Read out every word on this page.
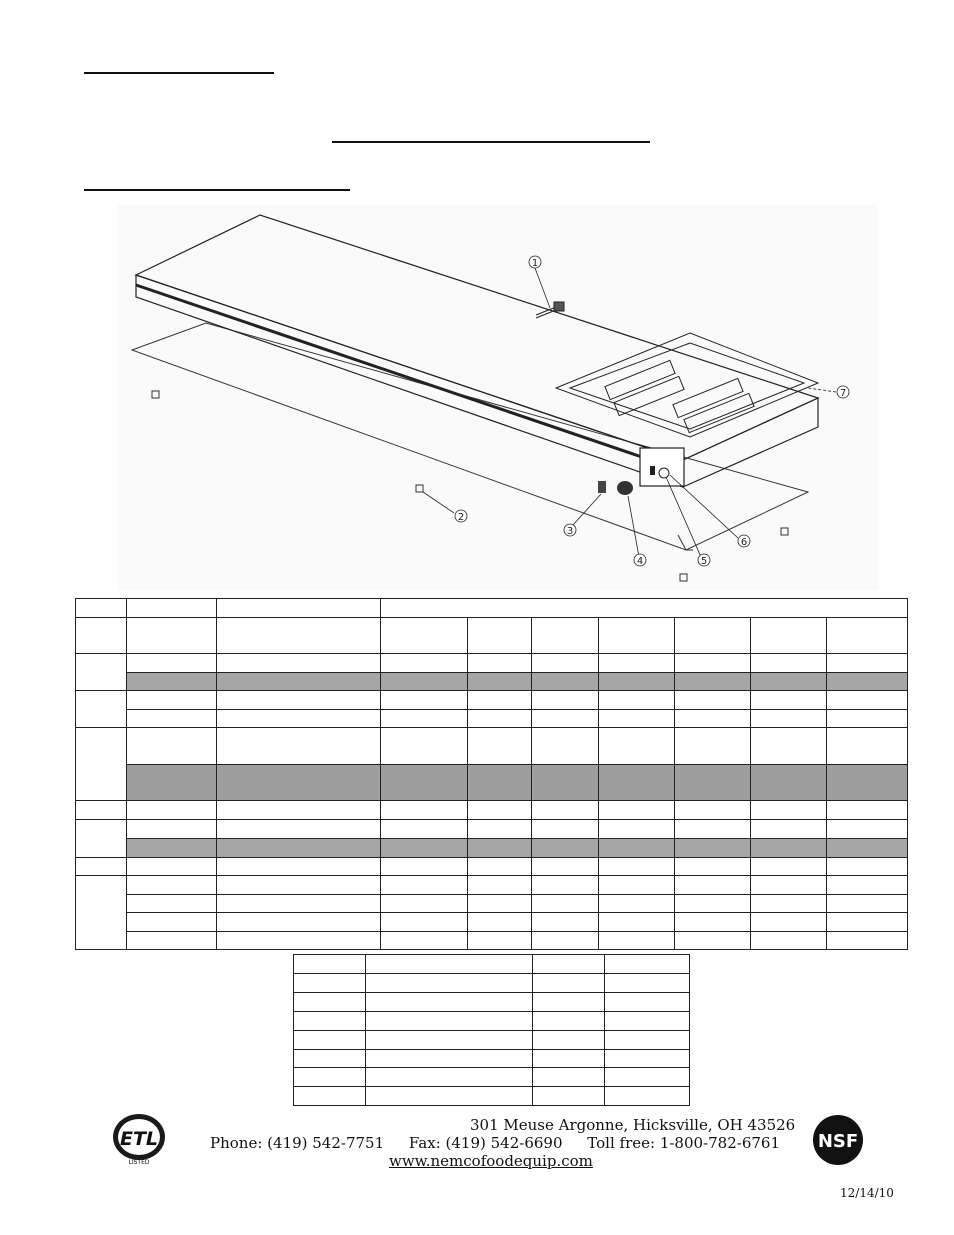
1
2
3
4	5
6
7

ETL
LISTED
NSF
301 Meuse Argonne, Hicksville, OH 43526
Phone: (419) 542-7751 Fax: (419) 542-6690 Toll free: 1-800-782-6761
www.nemcofoodequip.com
12/14/10
